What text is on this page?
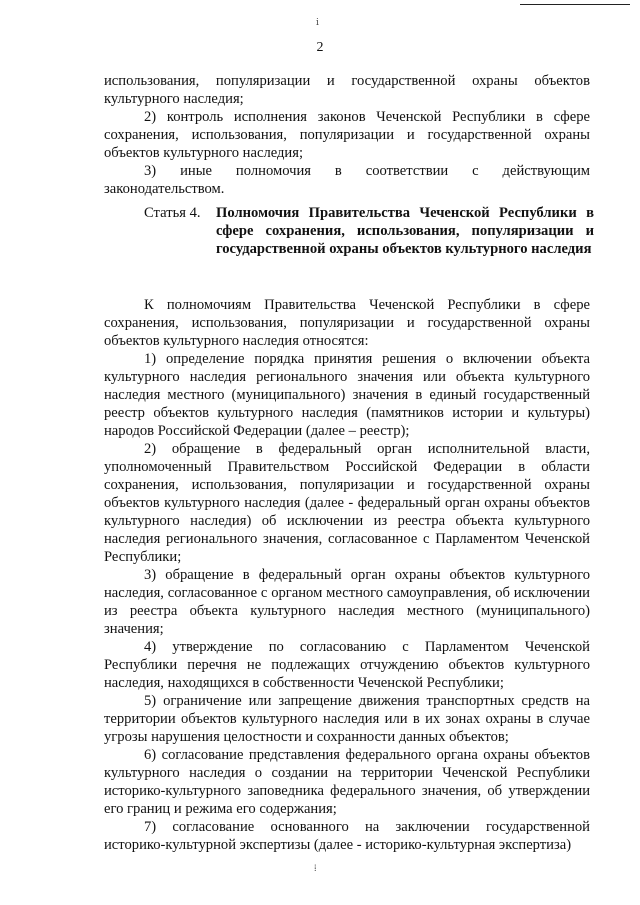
ⅰ
2

использования, популяризации и государственной охраны объектов культурного наследия;

2) контроль исполнения законов Чеченской Республики в сфере сохранения, использования, популяризации и государственной охраны объектов культурного наследия;

3) иные полномочия в соответствии с действующим законодательством.

Статья 4. Полномочия Правительства Чеченской Республики в сфере сохранения, использования, популяризации и государственной охраны объектов культурного наследия

К полномочиям Правительства Чеченской Республики в сфере сохранения, использования, популяризации и государственной охраны объектов культурного наследия относятся:

1) определение порядка принятия решения о включении объекта культурного наследия регионального значения или объекта культурного наследия местного (муниципального) значения в единый государственный реестр объектов культурного наследия (памятников истории и культуры) народов Российской Федерации (далее – реестр);

2) обращение в федеральный орган исполнительной власти, уполномоченный Правительством Российской Федерации в области сохранения, использования, популяризации и государственной охраны объектов культурного наследия (далее - федеральный орган охраны объектов культурного наследия) об исключении из реестра объекта культурного наследия регионального значения, согласованное с Парламентом Чеченской Республики;

3) обращение в федеральный орган охраны объектов культурного наследия, согласованное с органом местного самоуправления, об исключении из реестра объекта культурного наследия местного (муниципального) значения;

4) утверждение по согласованию с Парламентом Чеченской Республики перечня не подлежащих отчуждению объектов культурного наследия, находящихся в собственности Чеченской Республики;

5) ограничение или запрещение движения транспортных средств на территории объектов культурного наследия или в их зонах охраны в случае угрозы нарушения целостности и сохранности данных объектов;

6) согласование представления федерального органа охраны объектов культурного наследия о создании на территории Чеченской Республики историко-культурного заповедника федерального значения, об утверждении его границ и режима его содержания;

7) согласование основанного на заключении государственной историко-культурной экспертизы (далее - историко-культурная экспертиза)

⁞
